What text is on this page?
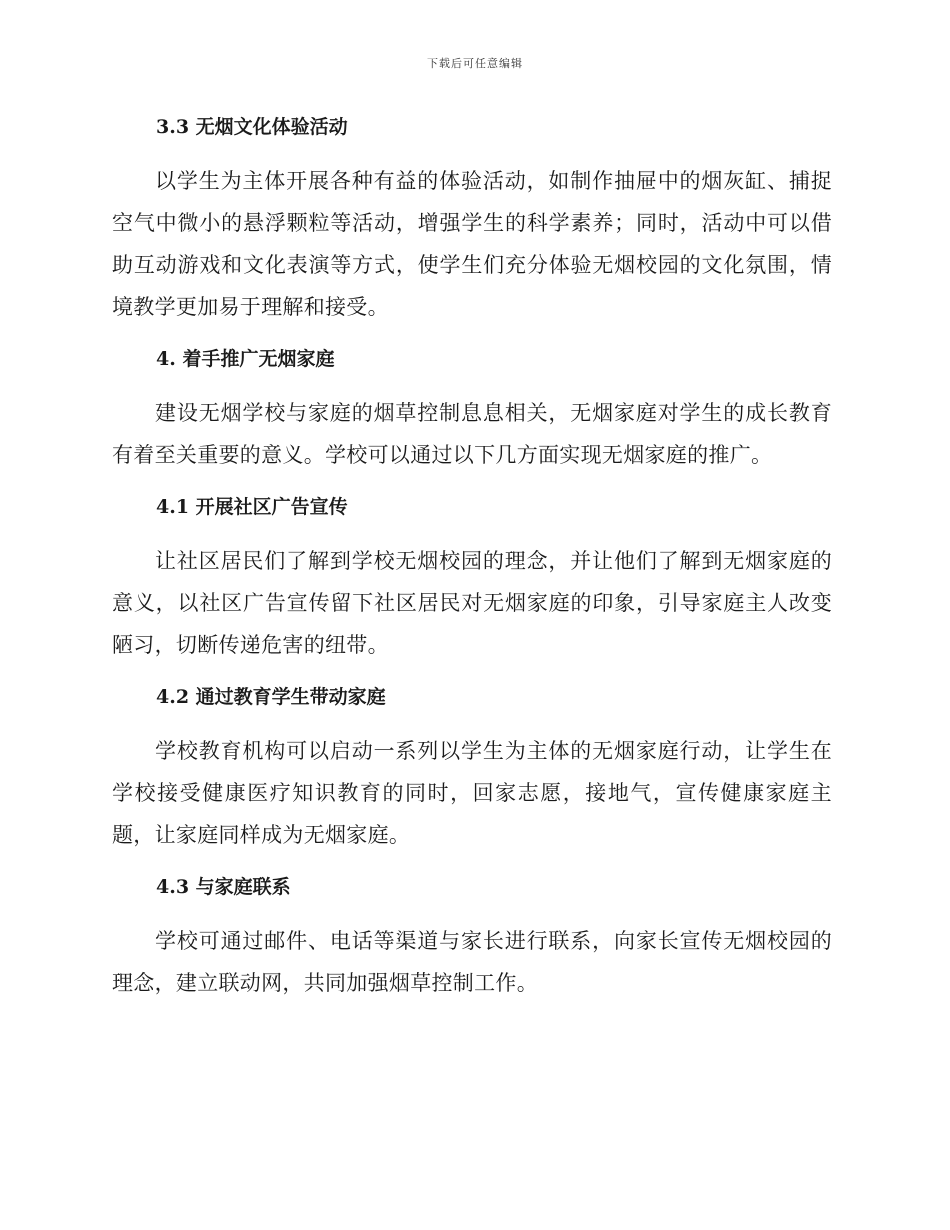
下载后可任意编辑
3.3 无烟文化体验活动

以学生为主体开展各种有益的体验活动，如制作抽屉中的烟灰缸、捕捉空气中微小的悬浮颗粒等活动，增强学生的科学素养；同时，活动中可以借助互动游戏和文化表演等方式，使学生们充分体验无烟校园的文化氛围，情境教学更加易于理解和接受。

4. 着手推广无烟家庭

建设无烟学校与家庭的烟草控制息息相关，无烟家庭对学生的成长教育有着至关重要的意义。学校可以通过以下几方面实现无烟家庭的推广。

4.1 开展社区广告宣传

让社区居民们了解到学校无烟校园的理念，并让他们了解到无烟家庭的意义，以社区广告宣传留下社区居民对无烟家庭的印象，引导家庭主人改变陋习，切断传递危害的纽带。

4.2 通过教育学生带动家庭

学校教育机构可以启动一系列以学生为主体的无烟家庭行动，让学生在学校接受健康医疗知识教育的同时，回家志愿，接地气，宣传健康家庭主题，让家庭同样成为无烟家庭。

4.3 与家庭联系

学校可通过邮件、电话等渠道与家长进行联系，向家长宣传无烟校园的理念，建立联动网，共同加强烟草控制工作。
